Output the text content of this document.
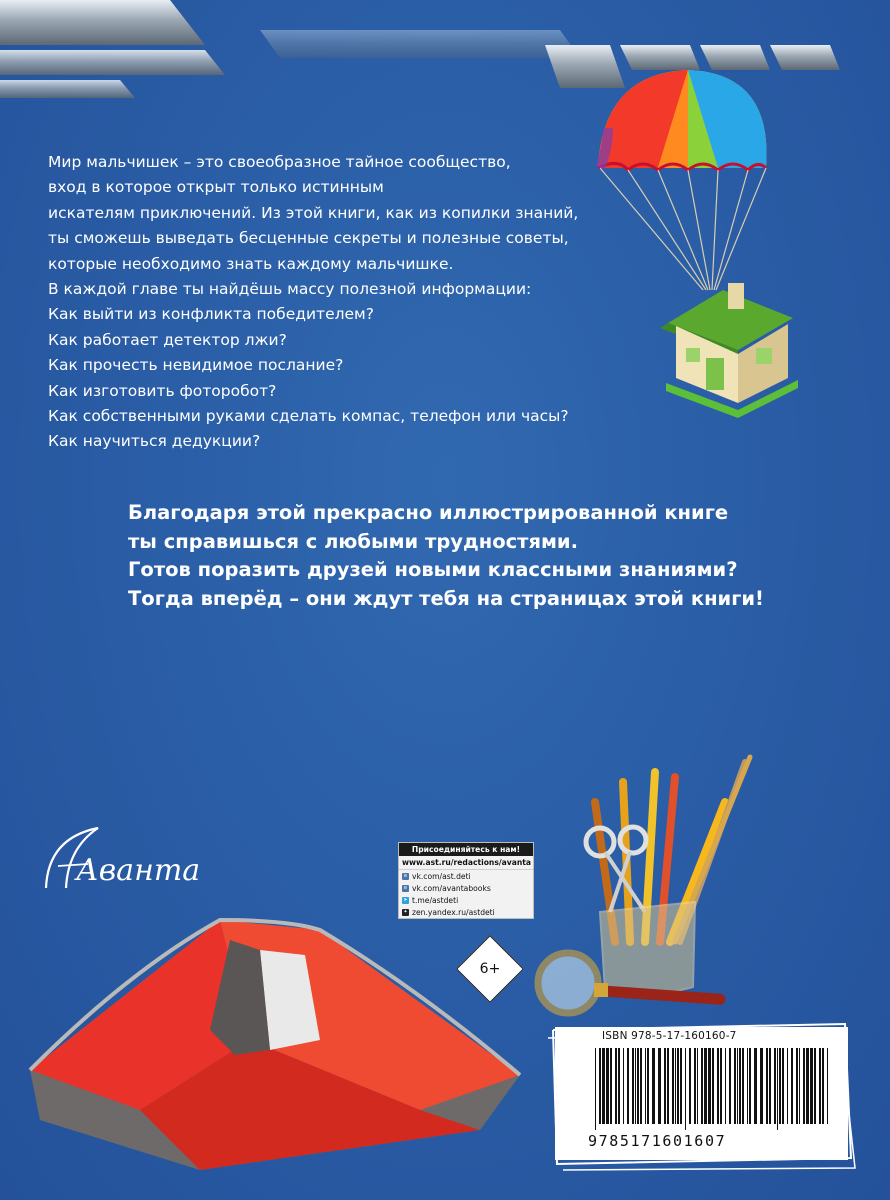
Мир мальчишек – это своеобразное тайное сообщество,

вход в которое открыт только истинным

искателям приключений. Из этой книги, как из копилки знаний,

ты сможешь выведать бесценные секреты и полезные советы,

которые необходимо знать каждому мальчишке.

В каждой главе ты найдёшь массу полезной информации:

Как выйти из конфликта победителем?

Как работает детектор лжи?

Как прочесть невидимое послание?

Как изготовить фоторобот?

Как собственными руками сделать компас, телефон или часы?

Как научиться дедукции?

Благодаря этой прекрасно иллюстрированной книге

ты справишься с любыми трудностями.

Готов поразить друзей новыми классными знаниями?

Тогда вперёд – они ждут тебя на страницах этой книги!

Аванта
Присоединяйтесь к нам!
www.ast.ru/redactions/avanta
в vk.com/ast.deti
в vk.com/avantabooks
➤ t.me/astdeti
✦ zen.yandex.ru/astdeti
6+
ISBN 978-5-17-160160-7
9785171601607
